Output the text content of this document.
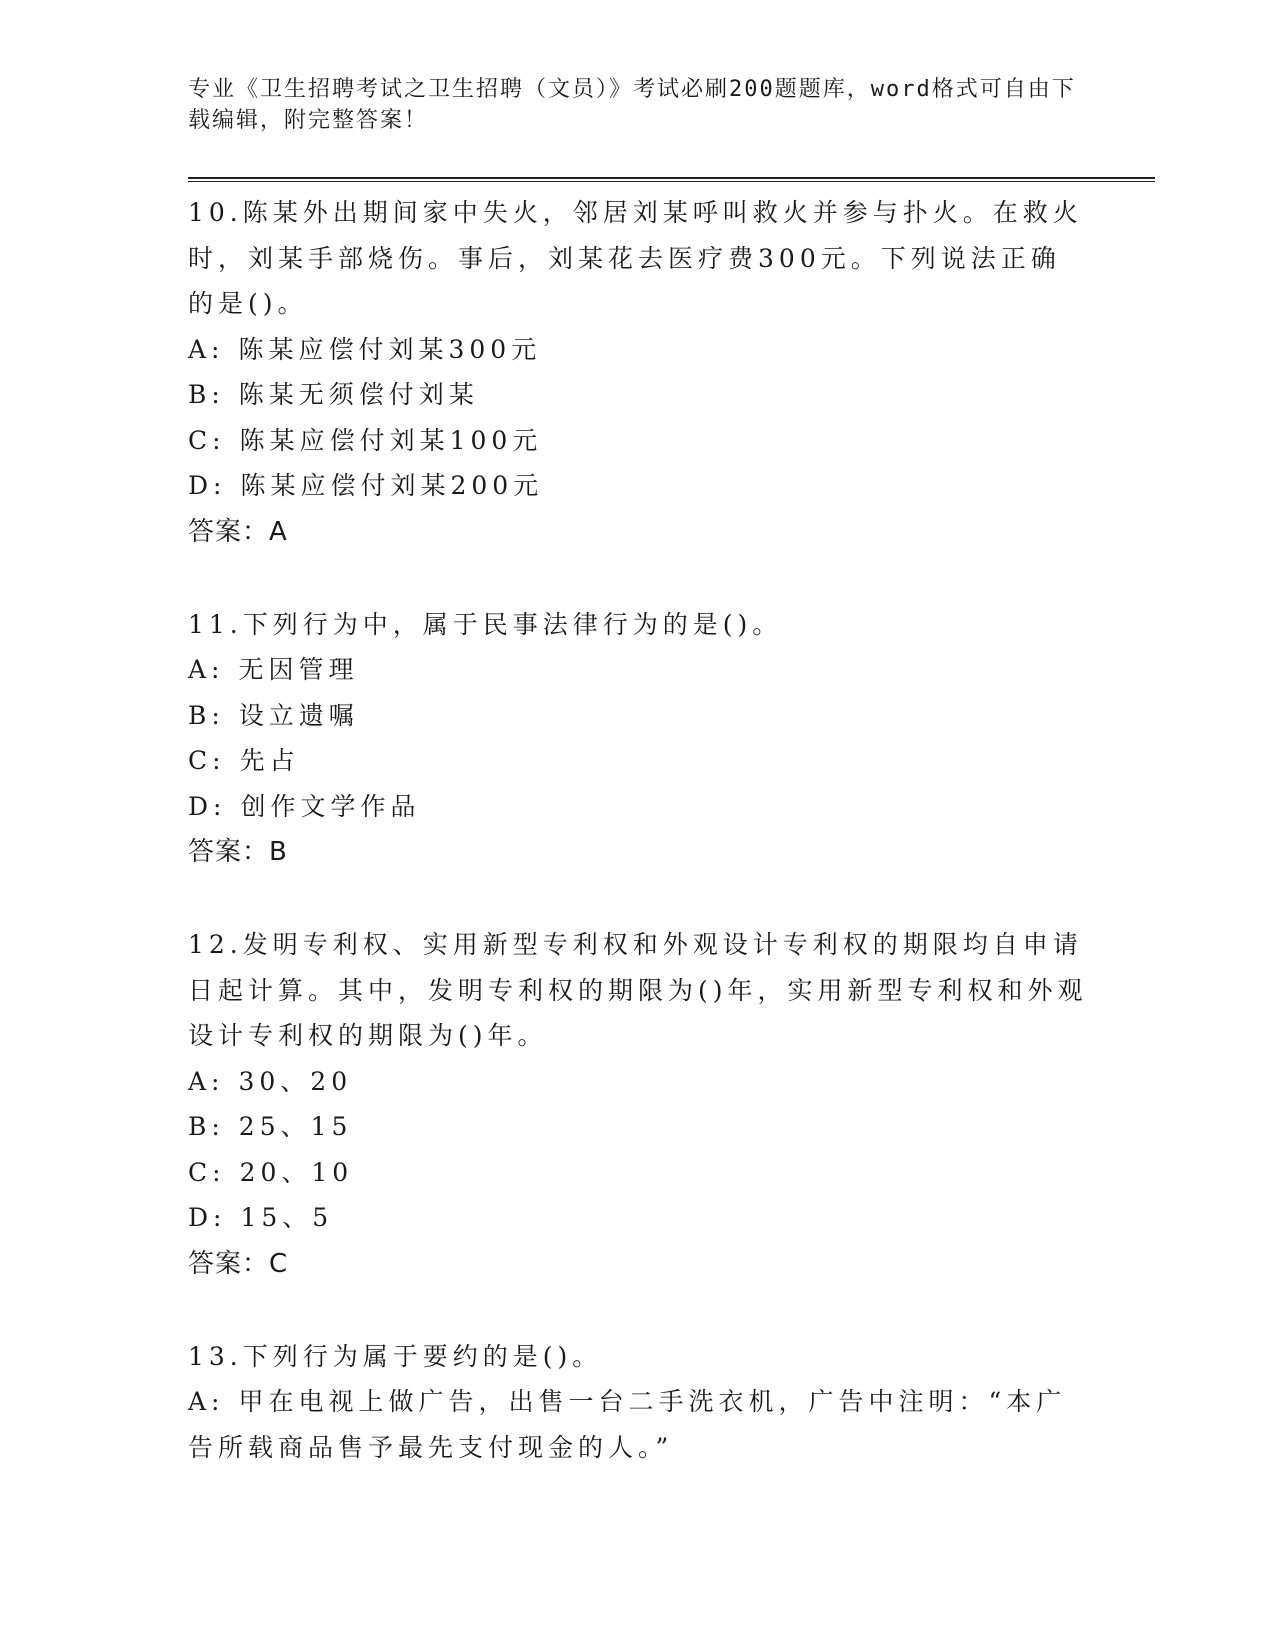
专业《卫生招聘考试之卫生招聘（文员）》考试必刷200题题库，word格式可自由下载编辑，附完整答案！
10.陈某外出期间家中失火，邻居刘某呼叫救火并参与扑火。在救火时，刘某手部烧伤。事后，刘某花去医疗费300元。下列说法正确的是()。
A: 陈某应偿付刘某300元
B: 陈某无须偿付刘某
C: 陈某应偿付刘某100元
D: 陈某应偿付刘某200元
答案：A
11.下列行为中，属于民事法律行为的是()。
A: 无因管理
B: 设立遗嘱
C: 先占
D: 创作文学作品
答案：B
12.发明专利权、实用新型专利权和外观设计专利权的期限均自申请日起计算。其中，发明专利权的期限为()年，实用新型专利权和外观设计专利权的期限为()年。
A: 30、20
B: 25、15
C: 20、10
D: 15、5
答案：C
13.下列行为属于要约的是()。
A: 甲在电视上做广告，出售一台二手洗衣机，广告中注明：“本广告所载商品售予最先支付现金的人。”
